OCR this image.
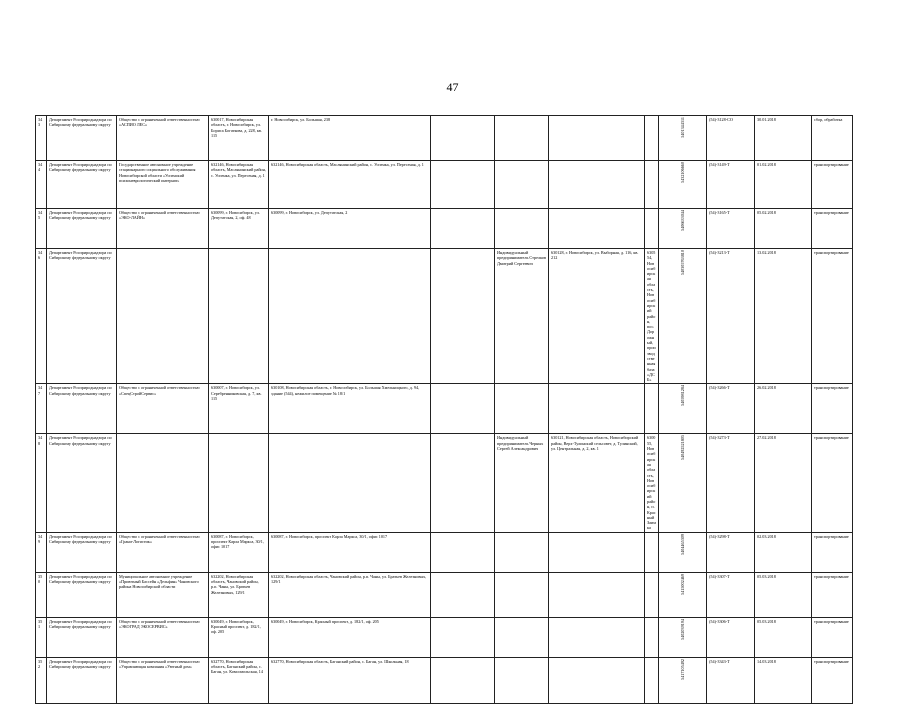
47
343	Департамент Росприроднадзора по Сибирскому федеральному округу	Общество с ограниченной ответственностью «АСПИО ЛЕС»	630017, Новосибирская область, г. Новосибирск, ул. Бориса Богаткова, д. 228, кв. 115	г. Новосибирск, ул. Большая, 238					5401344311	(54)-3128-СО	30.01.2018	сбор, обработка
344	Департамент Росприроднадзора по Сибирскому федеральному округу	Государственное автономное учреждение стационарного социального обслуживания Новосибирской области «Успенский психоневрологический интернат»	632146, Новосибирская область, Маслянинский район, с. Успенка, ул. Пересеная, д. 1	632146, Новосибирская область, Маслянинский район, с. Успенка, ул. Пересеная, д. 1					5432106660	(54)-3149-Т	01.02.2018	транспортирование
345	Департамент Росприроднадзора по Сибирскому федеральному округу	Общество с ограниченной ответственностью «ЭКО-ЛАЙН»	630099, г. Новосибирск, ул. Депутатская, 2, оф. 48	630099, г. Новосибирск, ул. Депутатская, 2					5406633044	(54)-3165-Т	05.02.2018	транспортирование
346	Департамент Росприроднадзора по Сибирскому федеральному округу					Индивидуальный предприниматель Стрелков Дмитрий Сергеевич	630128, г. Новосибирск, ул. Выборная, д. 116, кв. 212	630554, Новосибирская область, Новосибирский район, пос. Дорожный, производственная база «ДСБ»	540305763810	(54)-3213-Т	13.02.2018	транспортирование
347	Департамент Росприроднадзора по Сибирскому федеральному округу	Общество с ограниченной ответственностью «СпецСтройСервис»	630007, г. Новосибирск, ул. Серебренниковская, д. 7, кв. 115	630108, Новосибирская область, г. Новосибирск, ул. Большая Хмельницкого, д. 94, здание (544), нежилое помещение № 18/1					5405981284	(54)-3266-Т	26.02.2018	транспортирование
348	Департамент Росприроднадзора по Сибирскому федеральному округу					Индивидуальный предприниматель Черных Сергей Александрович	630121, Новосибирская область, Новосибирский район, Верх-Тулинский сельсовет, д. Тулинский, ул. Центральная, д. 2, кв. 1	630055, Новосибирская область, Новосибирский район, п. Красный Заимка	540492521805	(54)-3273-Т	27.02.2018	транспортирование
349	Департамент Росприроднадзора по Сибирскому федеральному округу	Общество с ограниченной ответственностью «Грани-Логистик»	630087, г. Новосибирск, проспект Карла Маркса, 30/1, офис 1017	630087, г. Новосибирск, проспект Карла Маркса, 30/1, офис 1017					5404465309	(54)-3298-Т	02.03.2018	транспортирование
350	Департамент Росприроднадзора по Сибирскому федеральному округу	Муниципальное автономное учреждение «Приютный Бассейн «Дельфин» Чановского района Новосибирской области	632202, Новосибирская область, Чановский район, р.п. Чаны, ул. Братьев Железновых, 129/1	632202, Новосибирская область, Чановский район, р.п. Чаны, ул. Братьев Железновых, 129/1					5415002469	(54)-3307-Т	05.03.2018	транспортирование
351	Департамент Росприроднадзора по Сибирскому федеральному округу	Общество с ограниченной ответственностью «ЭКОГРАД ЭКОСЕРВИС»	630049, г. Новосибирск, Красный проспект, д. 182/1, оф. 205	630049, г. Новосибирск, Красный проспект, д. 182/1, оф. 205					5402039194	(54)-3306-Т	05.03.2018	транспортирование
352	Департамент Росприроднадзора по Сибирскому федеральному округу	Общество с ограниченной ответственностью «Управляющая компания «Уютный дом»	632770, Новосибирская область, Баганский район, с. Баган, ул. Комсомольская, 14	632770, Новосибирская область, Баганский район, с. Баган, ул. Школьная, 18					5417105492	(54)-3343-Т	14.03.2018	транспортирование
